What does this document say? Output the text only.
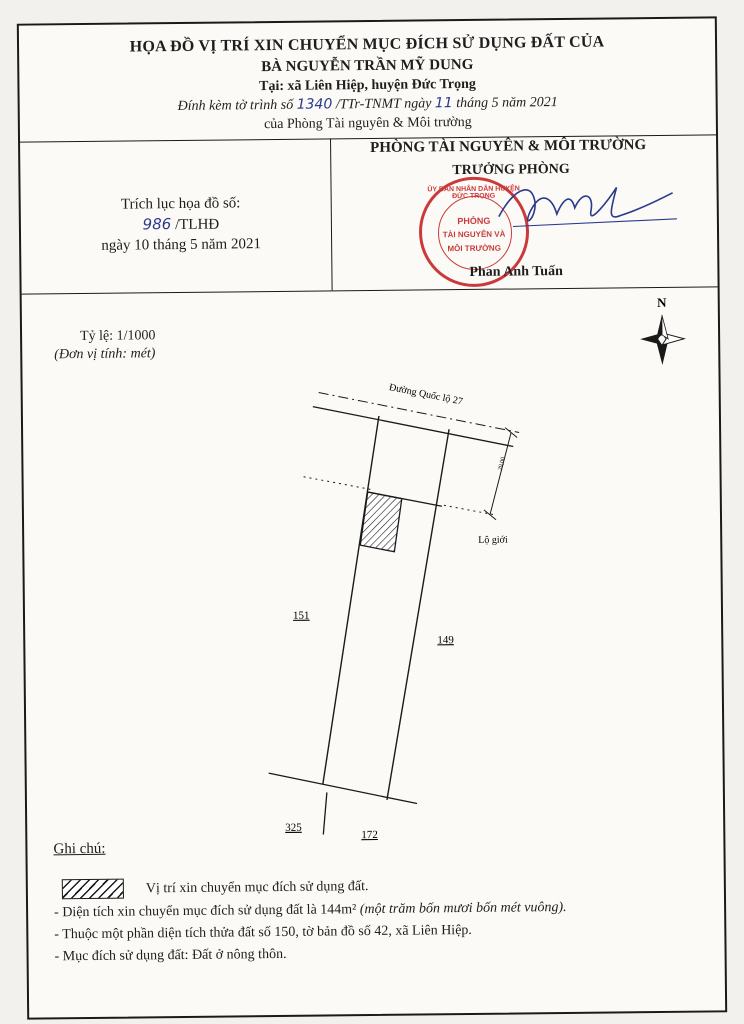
HỌA ĐỒ VỊ TRÍ XIN CHUYỂN MỤC ĐÍCH SỬ DỤNG ĐẤT CỦA
BÀ NGUYỄN TRẦN MỸ DUNG
Tại: xã Liên Hiệp, huyện Đức Trọng
Đính kèm tờ trình số 1340 /TTr-TNMT ngày 11 tháng 5 năm 2021
của Phòng Tài nguyên & Môi trường
Trích lục họa đồ số:
986 /TLHĐ
ngày 10 tháng 5 năm 2021
PHÒNG TÀI NGUYÊN & MÔI TRƯỜNG
TRƯỞNG PHÒNG
ỦY BAN NHÂN DÂN HUYỆN ĐỨC TRỌNG
PHÒNG
TÀI NGUYÊN VÀ
MÔI TRƯỜNG
Phan Anh Tuấn
Tỷ lệ: 1/1000
(Đơn vị tính: mét)
N
Đường Quốc lộ 27
20,00
Lộ giới
151
149
325
172
Ghi chú:
Vị trí xin chuyển mục đích sử dụng đất.
- Diện tích xin chuyển mục đích sử dụng đất là 144m² (một trăm bốn mươi bốn mét vuông).
- Thuộc một phần diện tích thửa đất số 150, tờ bản đồ số 42, xã Liên Hiệp.
- Mục đích sử dụng đất: Đất ở nông thôn.
